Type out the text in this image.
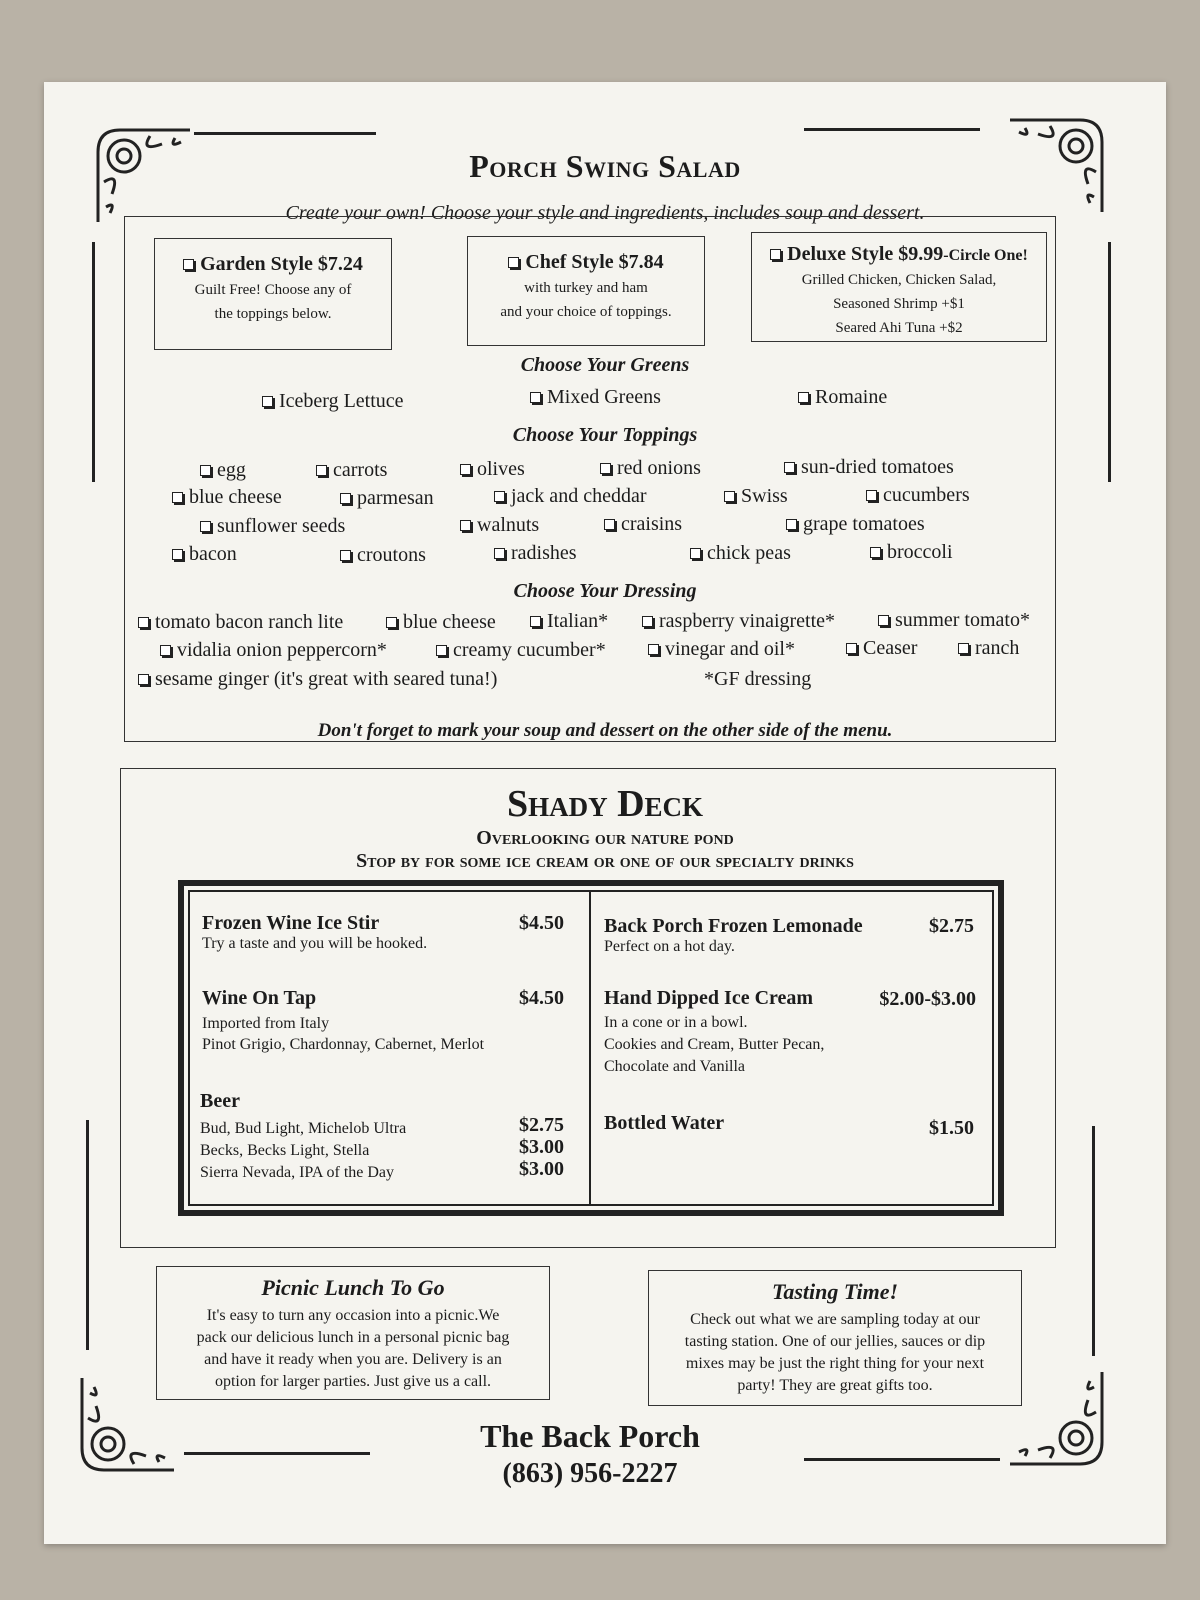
Porch Swing Salad
Create your own! Choose your style and ingredients, includes soup and dessert.
Garden Style $7.24
Guilt Free! Choose any of
the toppings below.
Chef Style $7.84
with turkey and ham
and your choice of toppings.
Deluxe Style $9.99-Circle One!
Grilled Chicken, Chicken Salad,
Seasoned Shrimp +$1
Seared Ahi Tuna +$2
Choose Your Greens
Iceberg Lettuce	Mixed Greens	Romaine
Choose Your Toppings
egg	carrots	olives	red onions	sun-dried tomatoes
blue cheese	parmesan	jack and cheddar	Swiss	cucumbers
sunflower seeds	walnuts	craisins	grape tomatoes
bacon	croutons	radishes	chick peas	broccoli
Choose Your Dressing
tomato bacon ranch lite	blue cheese	Italian*	raspberry vinaigrette*	summer tomato*
vidalia onion peppercorn*	creamy cucumber*	vinegar and oil*	Ceaser	ranch
sesame ginger (it's great with seared tuna!)	*GF dressing
Don't forget to mark your soup and dessert on the other side of the menu.
Shady Deck
Overlooking our nature pond
Stop by for some ice cream or one of our specialty drinks
Frozen Wine Ice Stir	$4.50
Try a taste and you will be hooked.
Wine On Tap	$4.50
Imported from Italy
Pinot Grigio, Chardonnay, Cabernet, Merlot
Beer
Bud, Bud Light, Michelob Ultra	$2.75
Becks, Becks Light, Stella	$3.00
Sierra Nevada, IPA of the Day	$3.00
Back Porch Frozen Lemonade	$2.75
Perfect on a hot day.
Hand Dipped Ice Cream	$2.00-$3.00
In a cone or in a bowl.
Cookies and Cream, Butter Pecan,
Chocolate and Vanilla
Bottled Water	$1.50
Picnic Lunch To Go
It's easy to turn any occasion into a picnic.We
pack our delicious lunch in a personal picnic bag
and have it ready when you are. Delivery is an
option for larger parties. Just give us a call.
Tasting Time!
Check out what we are sampling today at our
tasting station. One of our jellies, sauces or dip
mixes may be just the right thing for your next
party! They are great gifts too.
The Back Porch
(863) 956-2227
